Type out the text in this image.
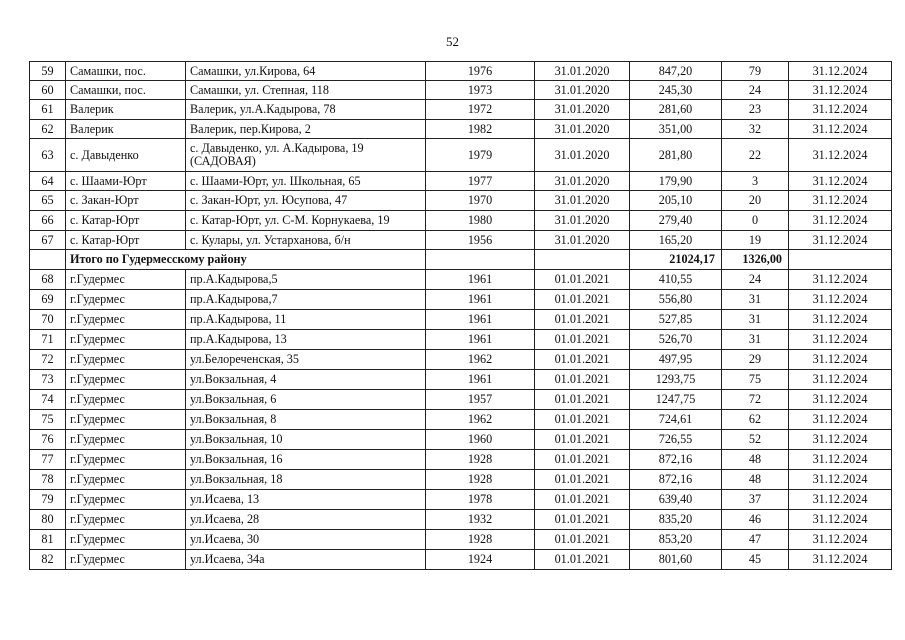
52
59	Самашки, пос.	Самашки, ул.Кирова, 64	1976	31.01.2020	847,20	79	31.12.2024
60	Самашки, пос.	Самашки, ул. Степная, 118	1973	31.01.2020	245,30	24	31.12.2024
61	Валерик	Валерик, ул.А.Кадырова, 78	1972	31.01.2020	281,60	23	31.12.2024
62	Валерик	Валерик, пер.Кирова, 2	1982	31.01.2020	351,00	32	31.12.2024
63	с. Давыденко	с. Давыденко, ул. А.Кадырова, 19 (САДОВАЯ)	1979	31.01.2020	281,80	22	31.12.2024
64	с. Шаами-Юрт	с. Шаами-Юрт, ул. Школьная, 65	1977	31.01.2020	179,90	3	31.12.2024
65	с. Закан-Юрт	с. Закан-Юрт, ул. Юсупова, 47	1970	31.01.2020	205,10	20	31.12.2024
66	с. Катар-Юрт	с. Катар-Юрт, ул. С-М. Корнукаева, 19	1980	31.01.2020	279,40	0	31.12.2024
67	с. Катар-Юрт	с. Кулары, ул. Устарханова, б/н	1956	31.01.2020	165,20	19	31.12.2024
	Итого по Гудермесскому району				21024,17	1326,00	
68	г.Гудермес	пр.А.Кадырова,5	1961	01.01.2021	410,55	24	31.12.2024
69	г.Гудермес	пр.А.Кадырова,7	1961	01.01.2021	556,80	31	31.12.2024
70	г.Гудермес	пр.А.Кадырова, 11	1961	01.01.2021	527,85	31	31.12.2024
71	г.Гудермес	пр.А.Кадырова, 13	1961	01.01.2021	526,70	31	31.12.2024
72	г.Гудермес	ул.Белореченская, 35	1962	01.01.2021	497,95	29	31.12.2024
73	г.Гудермес	ул.Вокзальная, 4	1961	01.01.2021	1293,75	75	31.12.2024
74	г.Гудермес	ул.Вокзальная, 6	1957	01.01.2021	1247,75	72	31.12.2024
75	г.Гудермес	ул.Вокзальная, 8	1962	01.01.2021	724,61	62	31.12.2024
76	г.Гудермес	ул.Вокзальная, 10	1960	01.01.2021	726,55	52	31.12.2024
77	г.Гудермес	ул.Вокзальная, 16	1928	01.01.2021	872,16	48	31.12.2024
78	г.Гудермес	ул.Вокзальная, 18	1928	01.01.2021	872,16	48	31.12.2024
79	г.Гудермес	ул.Исаева, 13	1978	01.01.2021	639,40	37	31.12.2024
80	г.Гудермес	ул.Исаева, 28	1932	01.01.2021	835,20	46	31.12.2024
81	г.Гудермес	ул.Исаева, 30	1928	01.01.2021	853,20	47	31.12.2024
82	г.Гудермес	ул.Исаева, 34а	1924	01.01.2021	801,60	45	31.12.2024
